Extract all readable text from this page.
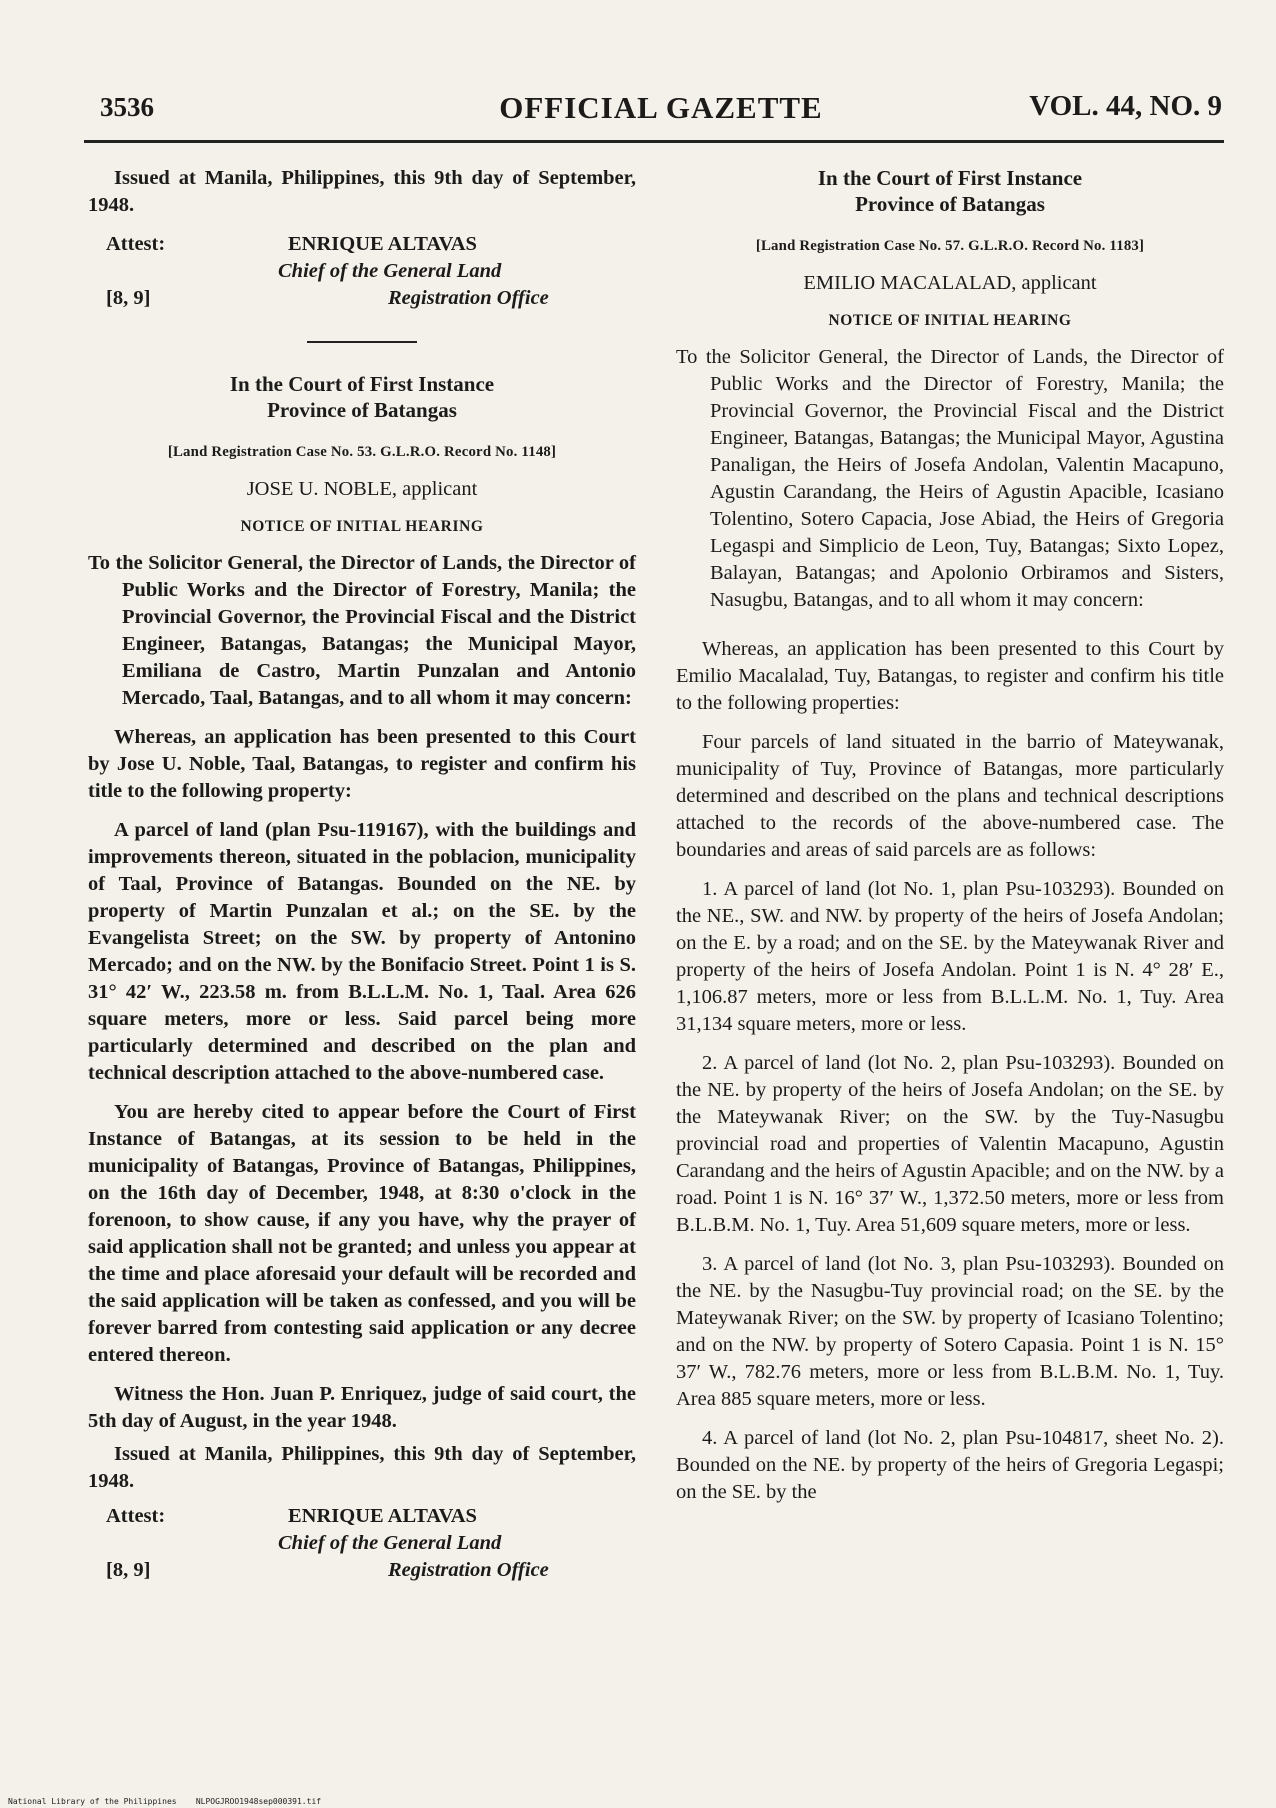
3536	OFFICIAL GAZETTE	VOL. 44, NO. 9

Issued at Manila, Philippines, this 9th day of September, 1948.

Attest:	ENRIQUE ALTAVAS
Chief of the General Land
Registration Office
[8, 9]
In the Court of First Instance
Province of Batangas
[Land Registration Case No. 53. G.L.R.O. Record No. 1148]
JOSE U. NOBLE, applicant
NOTICE OF INITIAL HEARING

To the Solicitor General, the Director of Lands, the Director of Public Works and the Director of Forestry, Manila; the Provincial Governor, the Provincial Fiscal and the District Engineer, Batangas, Batangas; the Municipal Mayor, Emiliana de Castro, Martin Punzalan and Antonio Mercado, Taal, Batangas, and to all whom it may concern:

Whereas, an application has been presented to this Court by Jose U. Noble, Taal, Batangas, to register and confirm his title to the following property:

A parcel of land (plan Psu-119167), with the buildings and improvements thereon, situated in the poblacion, municipality of Taal, Province of Batangas. Bounded on the NE. by property of Martin Punzalan et al.; on the SE. by the Evangelista Street; on the SW. by property of Antonino Mercado; and on the NW. by the Bonifacio Street. Point 1 is S. 31° 42′ W., 223.58 m. from B.L.L.M. No. 1, Taal. Area 626 square meters, more or less. Said parcel being more particularly determined and described on the plan and technical description attached to the above-numbered case.

You are hereby cited to appear before the Court of First Instance of Batangas, at its session to be held in the municipality of Batangas, Province of Batangas, Philippines, on the 16th day of December, 1948, at 8:30 o'clock in the forenoon, to show cause, if any you have, why the prayer of said application shall not be granted; and unless you appear at the time and place aforesaid your default will be recorded and the said application will be taken as confessed, and you will be forever barred from contesting said application or any decree entered thereon.

Witness the Hon. Juan P. Enriquez, judge of said court, the 5th day of August, in the year 1948.

Issued at Manila, Philippines, this 9th day of September, 1948.

Attest:	ENRIQUE ALTAVAS
Chief of the General Land
Registration Office
[8, 9]
In the Court of First Instance
Province of Batangas
[Land Registration Case No. 57. G.L.R.O. Record No. 1183]
EMILIO MACALALAD, applicant
NOTICE OF INITIAL HEARING

To the Solicitor General, the Director of Lands, the Director of Public Works and the Director of Forestry, Manila; the Provincial Governor, the Provincial Fiscal and the District Engineer, Batangas, Batangas; the Municipal Mayor, Agustina Panaligan, the Heirs of Josefa Andolan, Valentin Macapuno, Agustin Carandang, the Heirs of Agustin Apacible, Icasiano Tolentino, Sotero Capacia, Jose Abiad, the Heirs of Gregoria Legaspi and Simplicio de Leon, Tuy, Batangas; Sixto Lopez, Balayan, Batangas; and Apolonio Orbiramos and Sisters, Nasugbu, Batangas, and to all whom it may concern:

Whereas, an application has been presented to this Court by Emilio Macalalad, Tuy, Batangas, to register and confirm his title to the following properties:

Four parcels of land situated in the barrio of Mateywanak, municipality of Tuy, Province of Batangas, more particularly determined and described on the plans and technical descriptions attached to the records of the above-numbered case. The boundaries and areas of said parcels are as follows:

1. A parcel of land (lot No. 1, plan Psu-103293). Bounded on the NE., SW. and NW. by property of the heirs of Josefa Andolan; on the E. by a road; and on the SE. by the Mateywanak River and property of the heirs of Josefa Andolan. Point 1 is N. 4° 28′ E., 1,106.87 meters, more or less from B.L.L.M. No. 1, Tuy. Area 31,134 square meters, more or less.

2. A parcel of land (lot No. 2, plan Psu-103293). Bounded on the NE. by property of the heirs of Josefa Andolan; on the SE. by the Mateywanak River; on the SW. by the Tuy-Nasugbu provincial road and properties of Valentin Macapuno, Agustin Carandang and the heirs of Agustin Apacible; and on the NW. by a road. Point 1 is N. 16° 37′ W., 1,372.50 meters, more or less from B.L.B.M. No. 1, Tuy. Area 51,609 square meters, more or less.

3. A parcel of land (lot No. 3, plan Psu-103293). Bounded on the NE. by the Nasugbu-Tuy provincial road; on the SE. by the Mateywanak River; on the SW. by property of Icasiano Tolentino; and on the NW. by property of Sotero Capasia. Point 1 is N. 15° 37′ W., 782.76 meters, more or less from B.L.B.M. No. 1, Tuy. Area 885 square meters, more or less.

4. A parcel of land (lot No. 2, plan Psu-104817, sheet No. 2). Bounded on the NE. by property of the heirs of Gregoria Legaspi; on the SE. by the

National Library of the Philippines NLPOGJROO1948sep000391.tif
